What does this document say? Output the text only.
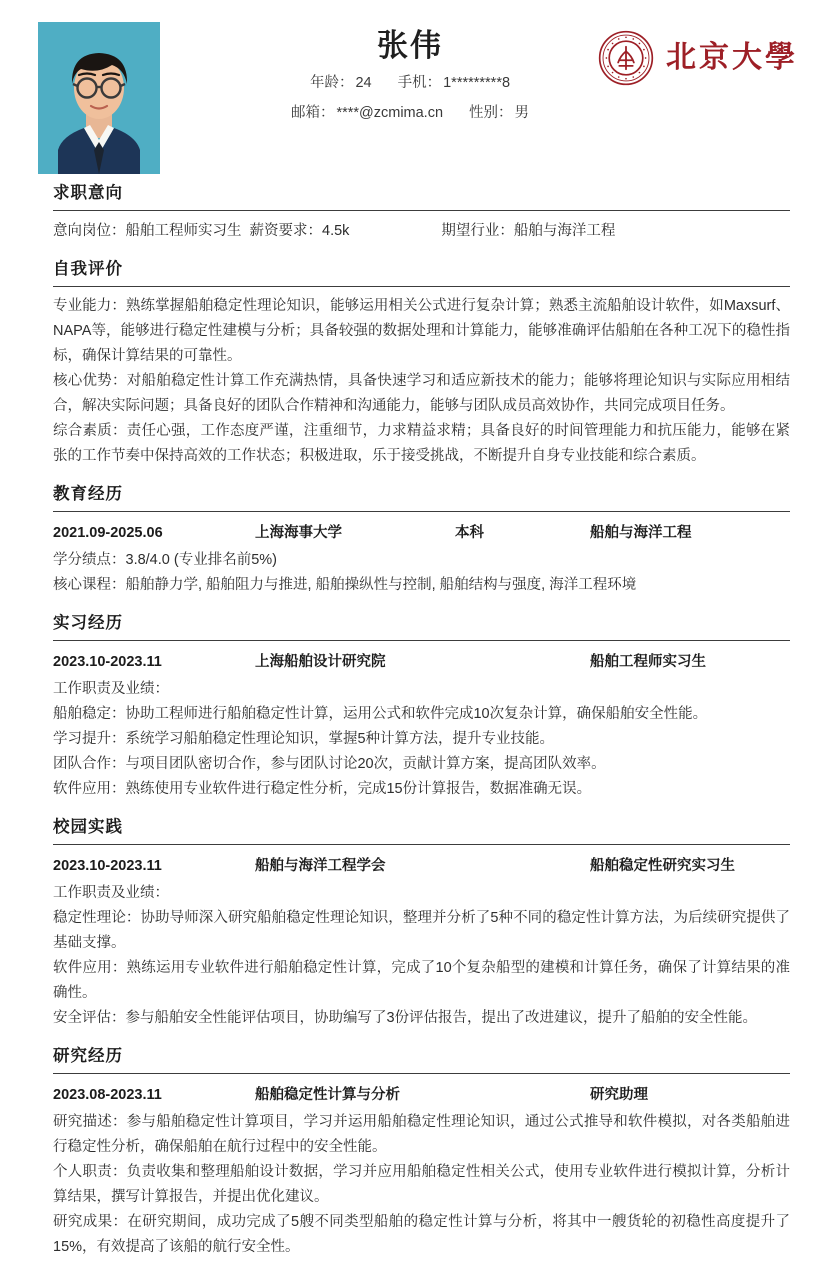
张伟
年龄： 24 手机： 1*********8
邮箱： ****@zcmima.cn 性别： 男
北京大學
求职意向
意向岗位：船舶工程师实习生 薪资要求：4.5k	期望行业：船舶与海洋工程
自我评价

专业能力：熟练掌握船舶稳定性理论知识，能够运用相关公式进行复杂计算；熟悉主流船舶设计软件，如Maxsurf、NAPA等，能够进行稳定性建模与分析；具备较强的数据处理和计算能力，能够准确评估船舶在各种工况下的稳性指标，确保计算结果的可靠性。

核心优势：对船舶稳定性计算工作充满热情，具备快速学习和适应新技术的能力；能够将理论知识与实际应用相结合，解决实际问题；具备良好的团队合作精神和沟通能力，能够与团队成员高效协作，共同完成项目任务。

综合素质：责任心强，工作态度严谨，注重细节，力求精益求精；具备良好的时间管理能力和抗压能力，能够在紧张的工作节奏中保持高效的工作状态；积极进取，乐于接受挑战，不断提升自身专业技能和综合素质。

教育经历
2021.09-2025.06	上海海事大学	本科	船舶与海洋工程
学分绩点：3.8/4.0 (专业排名前5%)
核心课程：船舶静力学, 船舶阻力与推进, 船舶操纵性与控制, 船舶结构与强度, 海洋工程环境
实习经历
2023.10-2023.11	上海船舶设计研究院	船舶工程师实习生
工作职责及业绩：

船舶稳定：协助工程师进行船舶稳定性计算，运用公式和软件完成10次复杂计算，确保船舶安全性能。

学习提升：系统学习船舶稳定性理论知识，掌握5种计算方法，提升专业技能。

团队合作：与项目团队密切合作，参与团队讨论20次，贡献计算方案，提高团队效率。

软件应用：熟练使用专业软件进行稳定性分析，完成15份计算报告，数据准确无误。

校园实践
2023.10-2023.11	船舶与海洋工程学会	船舶稳定性研究实习生
工作职责及业绩：

稳定性理论：协助导师深入研究船舶稳定性理论知识，整理并分析了5种不同的稳定性计算方法，为后续研究提供了基础支撑。

软件应用：熟练运用专业软件进行船舶稳定性计算，完成了10个复杂船型的建模和计算任务，确保了计算结果的准确性。

安全评估：参与船舶安全性能评估项目，协助编写了3份评估报告，提出了改进建议，提升了船舶的安全性能。

研究经历
2023.08-2023.11	船舶稳定性计算与分析	研究助理

研究描述：参与船舶稳定性计算项目，学习并运用船舶稳定性理论知识，通过公式推导和软件模拟，对各类船舶进行稳定性分析，确保船舶在航行过程中的安全性能。

个人职责：负责收集和整理船舶设计数据，学习并应用船舶稳定性相关公式，使用专业软件进行模拟计算，分析计算结果，撰写计算报告，并提出优化建议。

研究成果：在研究期间，成功完成了5艘不同类型船舶的稳定性计算与分析，将其中一艘货轮的初稳性高度提升了15%，有效提高了该船的航行安全性。
